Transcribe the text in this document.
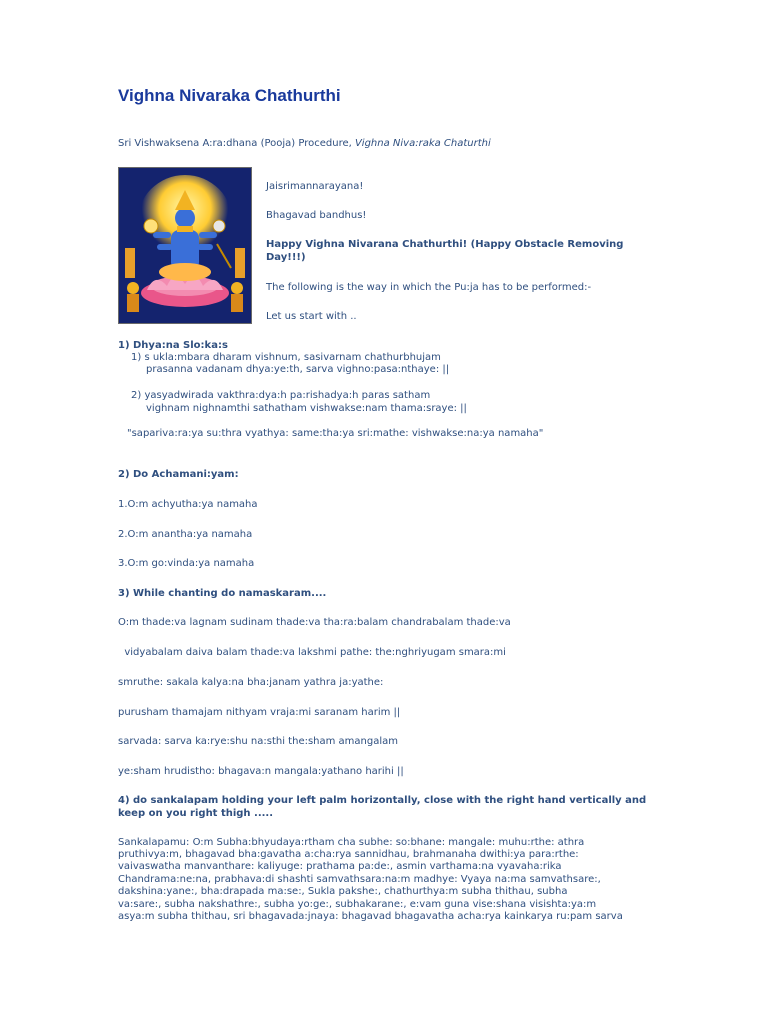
Vighna Nivaraka Chathurthi
Sri Vishwaksena A:ra:dhana (Pooja) Procedure, Vighna Niva:raka Chaturthi
Jaisrimannarayana!
Bhagavad bandhus!
Happy Vighna Nivarana Chathurthi! (Happy Obstacle Removing
Day!!!)
The following is the way in which the Pu:ja has to be performed:-
Let us start with ..
1) Dhya:na Slo:ka:s
1) s ukla:mbara dharam vishnum, sasivarnam chathurbhujam
prasanna vadanam dhya:ye:th, sarva vighno:pasa:nthaye: ||
2) yasyadwirada vakthra:dya:h pa:rishadya:h paras satham
vighnam nighnamthi sathatham vishwakse:nam thama:sraye: ||
"sapariva:ra:ya su:thra vyathya: same:tha:ya sri:mathe: vishwakse:na:ya namaha"
2) Do Achamani:yam:
1.O:m achyutha:ya namaha
2.O:m anantha:ya namaha
3.O:m go:vinda:ya namaha
3) While chanting do namaskaram....
O:m thade:va lagnam sudinam thade:va tha:ra:balam chandrabalam thade:va
vidyabalam daiva balam thade:va lakshmi pathe: the:nghriyugam smara:mi
smruthe: sakala kalya:na bha:janam yathra ja:yathe:
purusham thamajam nithyam vraja:mi saranam harim ||
sarvada: sarva ka:rye:shu na:sthi the:sham amangalam
ye:sham hrudistho: bhagava:n mangala:yathano harihi ||
4) do sankalapam holding your left palm horizontally, close with the right hand vertically and
keep on you right thigh .....
Sankalapamu: O:m Subha:bhyudaya:rtham cha subhe: so:bhane: mangale: muhu:rthe: athra
pruthivya:m, bhagavad bha:gavatha a:cha:rya sannidhau, brahmanaha dwithi:ya para:rthe:
vaivaswatha manvanthare: kaliyuge: prathama pa:de:, asmin varthama:na vyavaha:rika
Chandrama:ne:na, prabhava:di shashti samvathsara:na:m madhye: Vyaya na:ma samvathsare:,
dakshina:yane:, bha:drapada ma:se:, Sukla pakshe:, chathurthya:m subha thithau, subha
va:sare:, subha nakshathre:, subha yo:ge:, subhakarane:, e:vam guna vise:shana visishta:ya:m
asya:m subha thithau, sri bhagavada:jnaya: bhagavad bhagavatha acha:rya kainkarya ru:pam sarva
